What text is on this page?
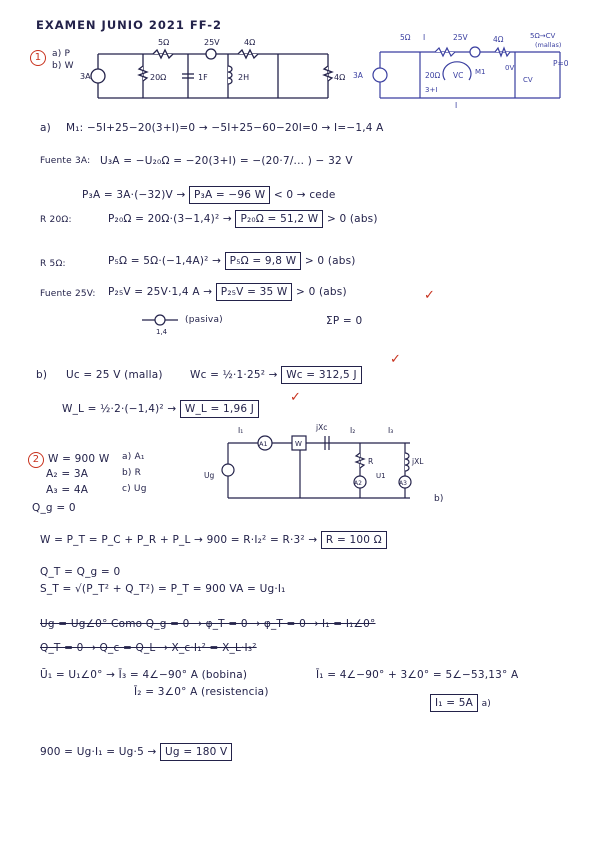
EXAMEN JUNIO 2021 FF-2
1	a) P
b) W
5Ω	25V	4Ω
3A	20Ω	1F	2H	4Ω
5Ω I	25V	4Ω	5Ω→CV
(mallas)
P=0
3A	20Ω VC M1
3+I
0V
CV
I
a) M₁: −5I+25−20(3+I)=0 → −5I+25−60−20I=0 → I=−1,4 A
Fuente 3A: U₃A = −U₂₀Ω = −20(3+I) = −(20·7/... ) − 32 V
P₃A = 3A·(−32)V → P₃A = −96 W < 0 → cede
R 20Ω:	P₂₀Ω = 20Ω·(3−1,4)² → P₂₀Ω = 51,2 W > 0 (abs)
R 5Ω:	P₅Ω = 5Ω·(−1,4A)² → P₅Ω = 9,8 W > 0 (abs)
Fuente 25V: P₂₅V = 25V·1,4 A → P₂₅V = 35 W > 0 (abs)	✓
1,4
(pasiva)	ΣP = 0
b) Uc = 25 V (malla)	Wc = ½·1·25² → Wc = 312,5 J
✓
W_L = ½·2·(−1,4)² → W_L = 1,96 J
✓
2 W = 900 W
A₂ = 3A
A₃ = 4A
Q_g = 0
a) A₁
b) R
c) Ug
I₁
A1	W
jXc	I₂	I₃
R	jXL
U1
A2	A3
Ug
W = P_T = P_C + P_R + P_L → 900 = R·I₂² = R·3² → R = 100 Ω
b)
Q_T = Q_g = 0
S_T = √(P_T² + Q_T²) = P_T = 900 VA = Ug·I₁
Ug = Ug∠0° Como Q_g = 0 → φ_T = 0 → φ_T = 0 → I₁ = I₁∠0°
Q_T = 0 → Q_c = Q_L → X_c·I₁² = X_L·I₃²
Ū₁ = U₁∠0° → Ī₃ = 4∠−90° A (bobina)
Ī₂ = 3∠0° A (resistencia)
Ī₁ = 4∠−90° + 3∠0° = 5∠−53,13° A
I₁ = 5A a)
900 = Ug·I₁ = Ug·5 → Ug = 180 V
